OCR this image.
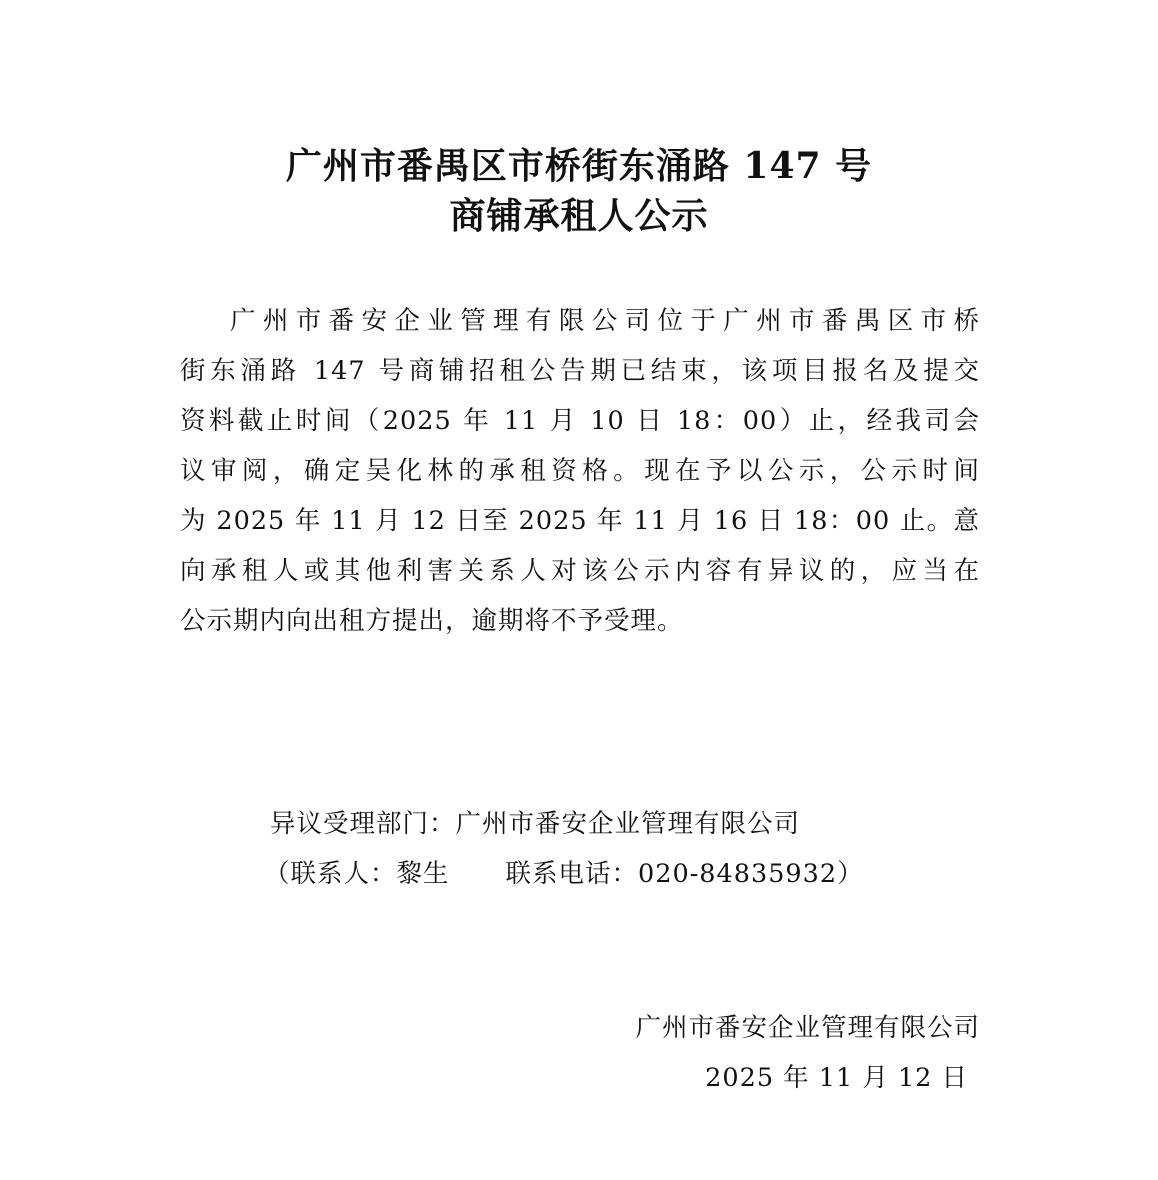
广州市番禺区市桥街东涌路 147 号
商铺承租人公示
广州市番安企业管理有限公司位于广州市番禺区市桥
街东涌路 147 号商铺招租公告期已结束，该项目报名及提交
资料截止时间（2025 年 11 月 10 日 18：00）止，经我司会
议审阅，确定吴化林的承租资格。现在予以公示，公示时间
为 2025 年 11 月 12 日至 2025 年 11 月 16 日 18：00 止。意
向承租人或其他利害关系人对该公示内容有异议的，应当在
公示期内向出租方提出，逾期将不予受理。
异议受理部门：广州市番安企业管理有限公司
（联系人：黎生 联系电话：020-84835932）
广州市番安企业管理有限公司
2025 年 11 月 12 日
